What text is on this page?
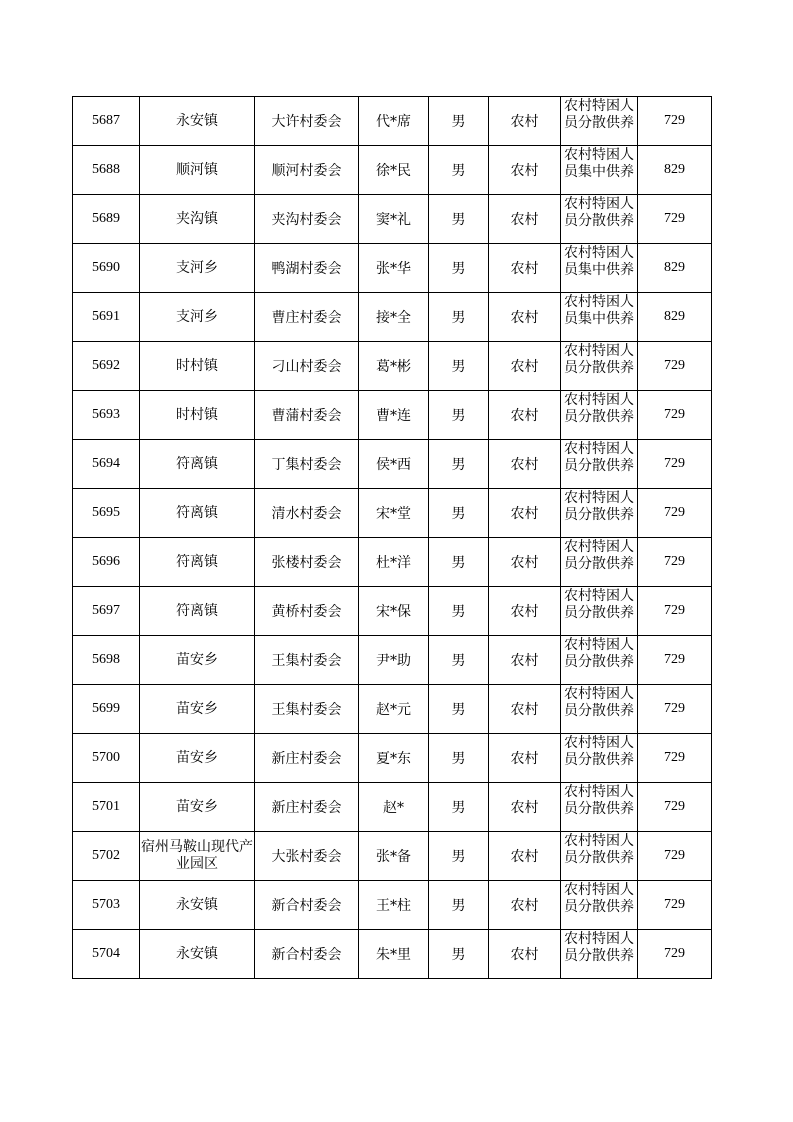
5687	永安镇	大许村委会	代*席	男	农村	农村特困人员分散供养	729
5688	顺河镇	顺河村委会	徐*民	男	农村	农村特困人员集中供养	829
5689	夹沟镇	夹沟村委会	窦*礼	男	农村	农村特困人员分散供养	729
5690	支河乡	鸭湖村委会	张*华	男	农村	农村特困人员集中供养	829
5691	支河乡	曹庄村委会	接*全	男	农村	农村特困人员集中供养	829
5692	时村镇	刁山村委会	葛*彬	男	农村	农村特困人员分散供养	729
5693	时村镇	曹蒲村委会	曹*连	男	农村	农村特困人员分散供养	729
5694	符离镇	丁集村委会	侯*西	男	农村	农村特困人员分散供养	729
5695	符离镇	清水村委会	宋*堂	男	农村	农村特困人员分散供养	729
5696	符离镇	张楼村委会	杜*洋	男	农村	农村特困人员分散供养	729
5697	符离镇	黄桥村委会	宋*保	男	农村	农村特困人员分散供养	729
5698	苗安乡	王集村委会	尹*助	男	农村	农村特困人员分散供养	729
5699	苗安乡	王集村委会	赵*元	男	农村	农村特困人员分散供养	729
5700	苗安乡	新庄村委会	夏*东	男	农村	农村特困人员分散供养	729
5701	苗安乡	新庄村委会	赵*	男	农村	农村特困人员分散供养	729
5702	宿州马鞍山现代产业园区	大张村委会	张*备	男	农村	农村特困人员分散供养	729
5703	永安镇	新合村委会	王*柱	男	农村	农村特困人员分散供养	729
5704	永安镇	新合村委会	朱*里	男	农村	农村特困人员分散供养	729
